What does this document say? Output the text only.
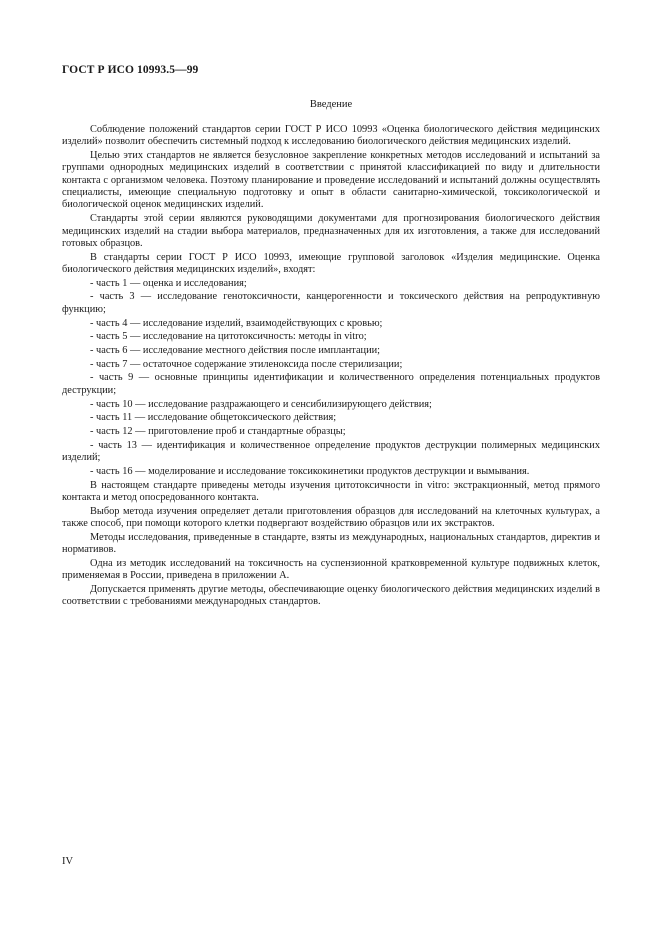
ГОСТ Р ИСО 10993.5—99
Введение

Соблюдение положений стандартов серии ГОСТ Р ИСО 10993 «Оценка биологического действия медицинских изделий» позволит обеспечить системный подход к исследованию биологического действия медицинских изделий.

Целью этих стандартов не является безусловное закрепление конкретных методов исследований и испытаний за группами однородных медицинских изделий в соответствии с принятой классификацией по виду и длительности контакта с организмом человека. Поэтому планирование и проведение исследований и испытаний должны осуществлять специалисты, имеющие специальную подготовку и опыт в области санитарно-химической, токсикологической и биологической оценок медицинских изделий.

Стандарты этой серии являются руководящими документами для прогнозирования биологического действия медицинских изделий на стадии выбора материалов, предназначенных для их изготовления, а также для исследований готовых образцов.

В стандарты серии ГОСТ Р ИСО 10993, имеющие групповой заголовок «Изделия медицинские. Оценка биологического действия медицинских изделий», входят:

- часть 1 — оценка и исследования;

- часть 3 — исследование генотоксичности, канцерогенности и токсического действия на репродуктивную функцию;

- часть 4 — исследование изделий, взаимодействующих с кровью;

- часть 5 — исследование на цитотоксичность: методы in vitro;

- часть 6 — исследование местного действия после имплантации;

- часть 7 — остаточное содержание этиленоксида после стерилизации;

- часть 9 — основные принципы идентификации и количественного определения потенциальных продуктов деструкции;

- часть 10 — исследование раздражающего и сенсибилизирующего действия;

- часть 11 — исследование общетоксического действия;

- часть 12 — приготовление проб и стандартные образцы;

- часть 13 — идентификация и количественное определение продуктов деструкции полимерных медицинских изделий;

- часть 16 — моделирование и исследование токсикокинетики продуктов деструкции и вымывания.

В настоящем стандарте приведены методы изучения цитотоксичности in vitro: экстракционный, метод прямого контакта и метод опосредованного контакта.

Выбор метода изучения определяет детали приготовления образцов для исследований на клеточных культурах, а также способ, при помощи которого клетки подвергают воздействию образцов или их экстрактов.

Методы исследования, приведенные в стандарте, взяты из международных, национальных стандартов, директив и нормативов.

Одна из методик исследований на токсичность на суспензионной кратковременной культуре подвижных клеток, применяемая в России, приведена в приложении А.

Допускается применять другие методы, обеспечивающие оценку биологического действия медицинских изделий в соответствии с требованиями международных стандартов.

IV
